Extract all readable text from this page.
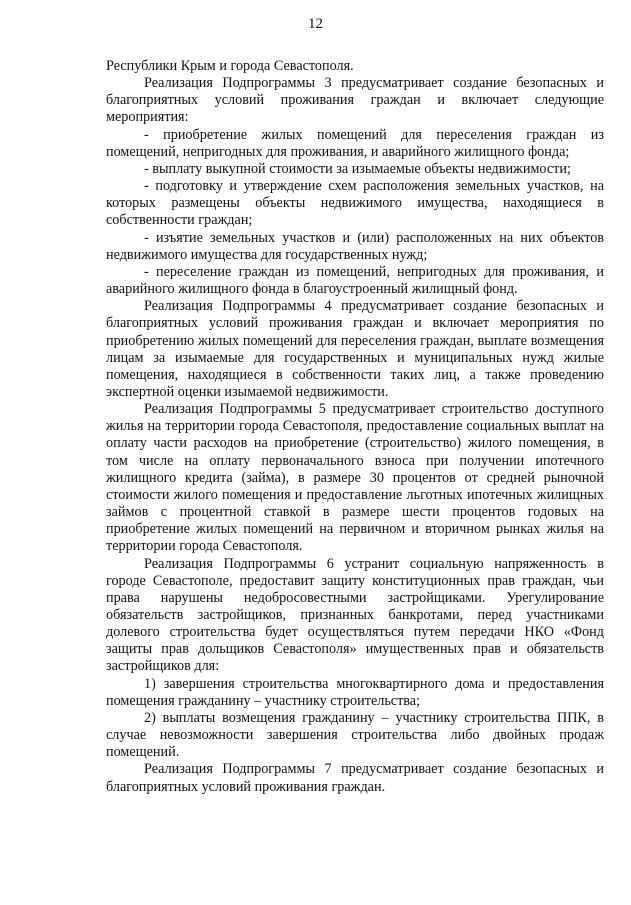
12

Республики Крым и города Севастополя.

Реализация Подпрограммы 3 предусматривает создание безопасных и благоприятных условий проживания граждан и включает следующие мероприятия:

- приобретение жилых помещений для переселения граждан из помещений, непригодных для проживания, и аварийного жилищного фонда;

- выплату выкупной стоимости за изымаемые объекты недвижимости;

- подготовку и утверждение схем расположения земельных участков, на которых размещены объекты недвижимого имущества, находящиеся в собственности граждан;

- изъятие земельных участков и (или) расположенных на них объектов недвижимого имущества для государственных нужд;

- переселение граждан из помещений, непригодных для проживания, и аварийного жилищного фонда в благоустроенный жилищный фонд.

Реализация Подпрограммы 4 предусматривает создание безопасных и благоприятных условий проживания граждан и включает мероприятия по приобретению жилых помещений для переселения граждан, выплате возмещения лицам за изымаемые для государственных и муниципальных нужд жилые помещения, находящиеся в собственности таких лиц, а также проведению экспертной оценки изымаемой недвижимости.

Реализация Подпрограммы 5 предусматривает строительство доступного жилья на территории города Севастополя, предоставление социальных выплат на оплату части расходов на приобретение (строительство) жилого помещения, в том числе на оплату первоначального взноса при получении ипотечного жилищного кредита (займа), в размере 30 процентов от средней рыночной стоимости жилого помещения и предоставление льготных ипотечных жилищных займов с процентной ставкой в размере шести процентов годовых на приобретение жилых помещений на первичном и вторичном рынках жилья на территории города Севастополя.

Реализация Подпрограммы 6 устранит социальную напряженность в городе Севастополе, предоставит защиту конституционных прав граждан, чьи права нарушены недобросовестными застройщиками. Урегулирование обязательств застройщиков, признанных банкротами, перед участниками долевого строительства будет осуществляться путем передачи НКО «Фонд защиты прав дольщиков Севастополя» имущественных прав и обязательств застройщиков для:

1) завершения строительства многоквартирного дома и предоставления помещения гражданину – участнику строительства;

2) выплаты возмещения гражданину – участнику строительства ППК, в случае невозможности завершения строительства либо двойных продаж помещений.

Реализация Подпрограммы 7 предусматривает создание безопасных и благоприятных условий проживания граждан.
